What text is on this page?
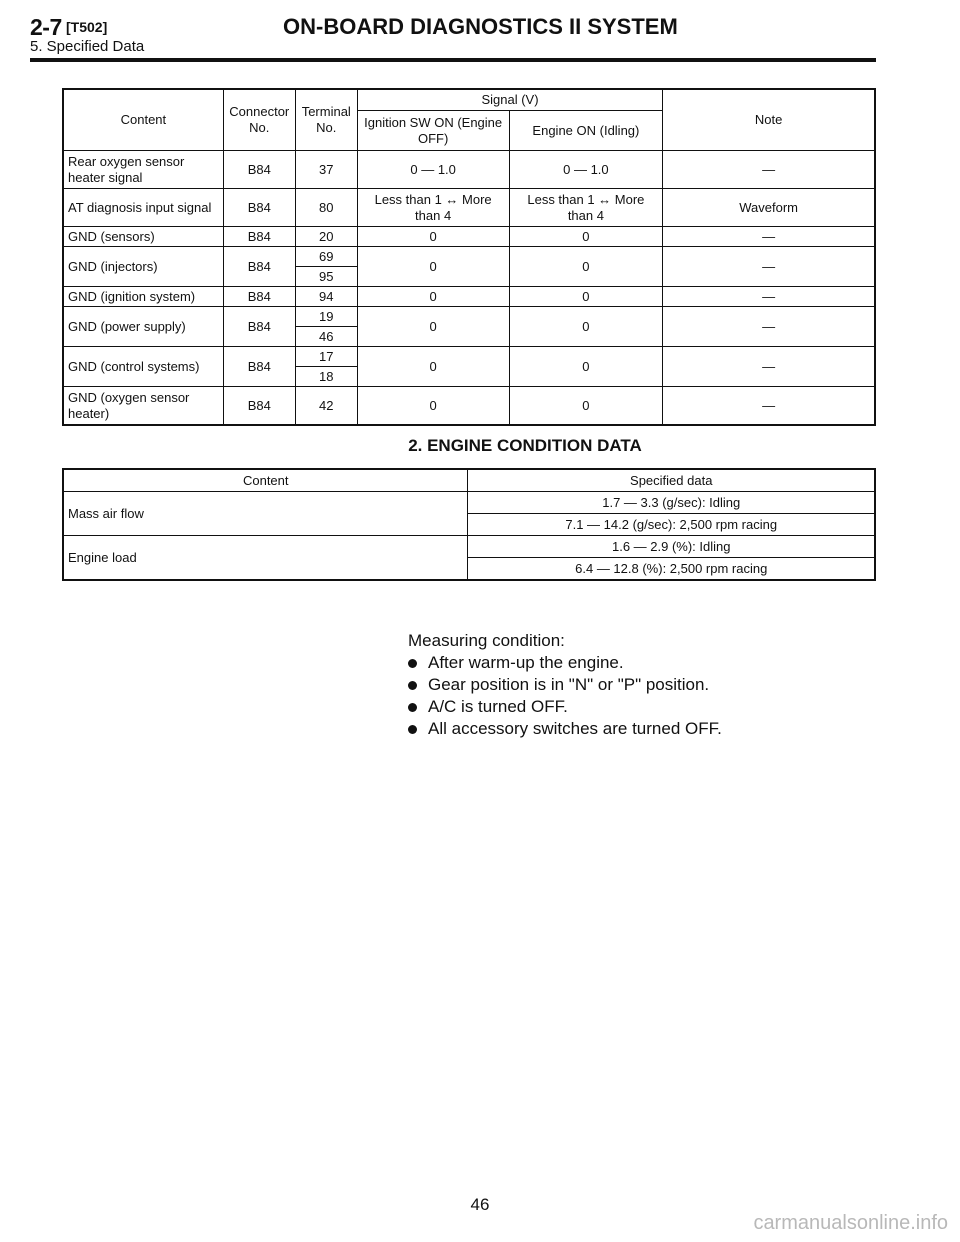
2-7 [T502]	ON-BOARD DIAGNOSTICS II SYSTEM
5. Specified Data
Content	Connector No.	Terminal No.	Signal (V)		Note
			Ignition SW ON (Engine OFF)	Engine ON (Idling)	
Rear oxygen sensor heater signal	B84	37	0 — 1.0	0 — 1.0	—
AT diagnosis input signal	B84	80	Less than 1 ↔ More than 4	Less than 1 ↔ More than 4	Waveform
GND (sensors)	B84	20	0	0	—
GND (injectors)	B84	69	0	0	—
		95			
GND (ignition system)	B84	94	0	0	—
GND (power supply)	B84	19	0	0	—
		46			
GND (control systems)	B84	17	0	0	—
		18			
GND (oxygen sensor heater)	B84	42	0	0	—
2. ENGINE CONDITION DATA
Content	Specified data
Mass air flow	1.7 — 3.3 (g/sec): Idling
	7.1 — 14.2 (g/sec): 2,500 rpm racing
Engine load	1.6 — 2.9 (%): Idling
	6.4 — 12.8 (%): 2,500 rpm racing
Measuring condition:
After warm-up the engine.
Gear position is in "N" or "P" position.
A/C is turned OFF.
All accessory switches are turned OFF.
46
carmanualsonline.info
